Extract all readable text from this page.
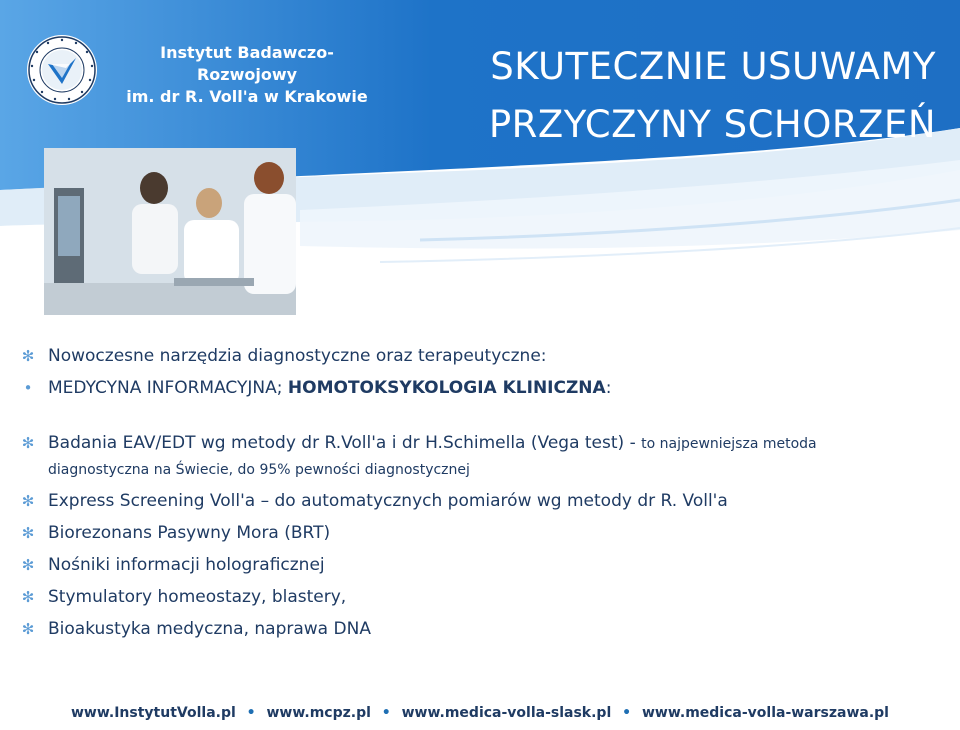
Instytut Badawczo-Rozwojowy
im. dr R. Voll'a w Krakowie
SKUTECZNIE USUWAMY
PRZYCZYNY SCHORZEŃ
✻ Nowoczesne narzędzia diagnostyczne oraz terapeutyczne:
• MEDYCYNA INFORMACYJNA; HOMOTOKSYKOLOGIA KLINICZNA:
✻ Badania EAV/EDT wg metody dr R.Voll'a i dr H.Schimella (Vega test) - to najpewniejsza metoda
diagnostyczna na Świecie, do 95% pewności diagnostycznej
✻ Express Screening Voll'a – do automatycznych pomiarów wg metody dr R. Voll'a
✻ Biorezonans Pasywny Mora (BRT)
✻ Nośniki informacji holograficznej
✻ Stymulatory homeostazy, blastery,
✻ Bioakustyka medyczna, naprawa DNA
www.InstytutVolla.pl • www.mcpz.pl • www.medica-volla-slask.pl • www.medica-volla-warszawa.pl
